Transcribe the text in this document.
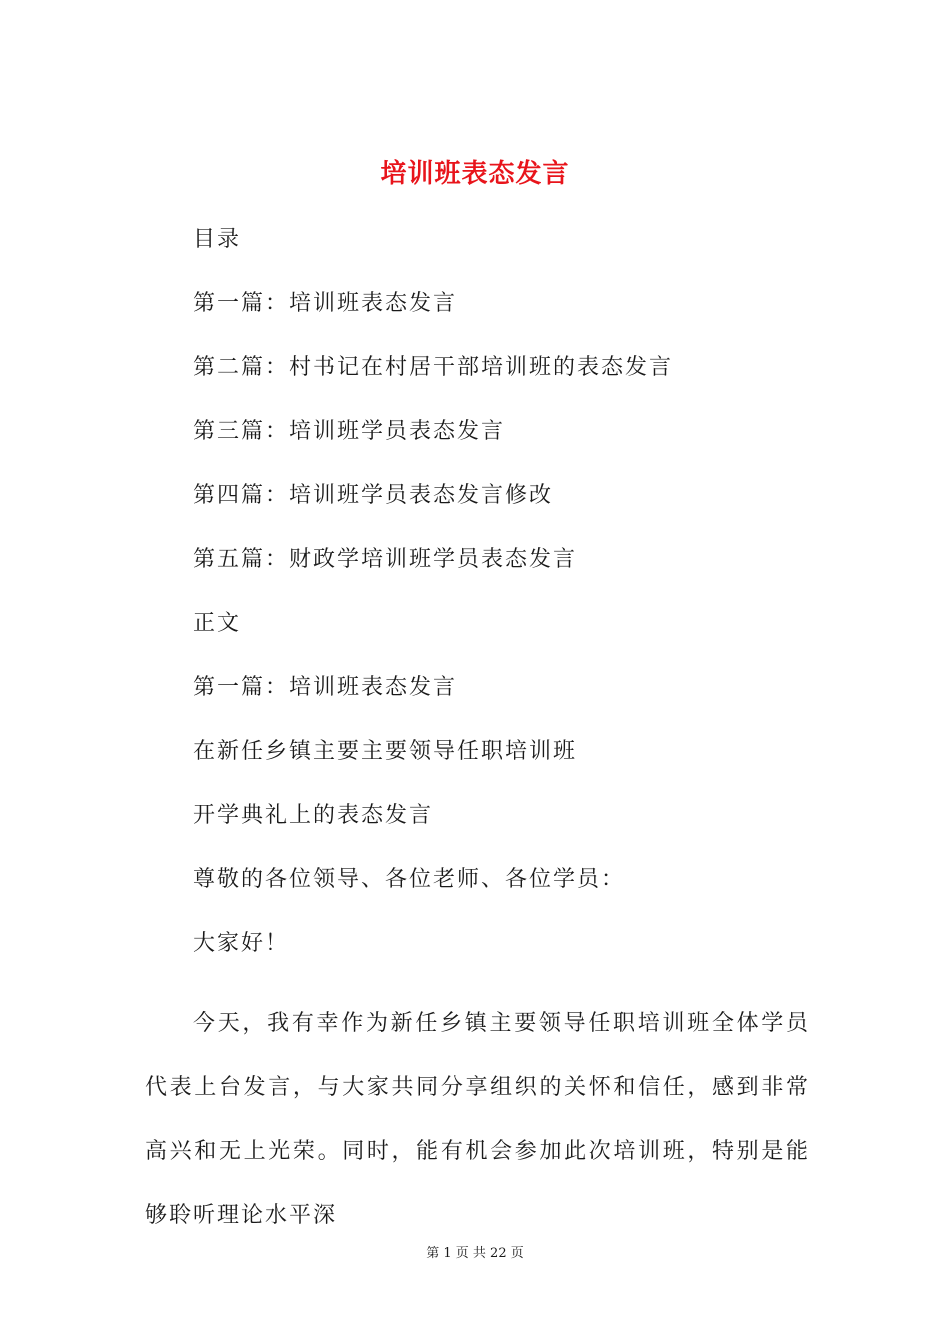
培训班表态发言
目录
第一篇：培训班表态发言
第二篇：村书记在村居干部培训班的表态发言
第三篇：培训班学员表态发言
第四篇：培训班学员表态发言修改
第五篇：财政学培训班学员表态发言
正文
第一篇：培训班表态发言
在新任乡镇主要主要领导任职培训班
开学典礼上的表态发言
尊敬的各位领导、各位老师、各位学员：
大家好！
今天，我有幸作为新任乡镇主要领导任职培训班全体学员代表上台发言，与大家共同分享组织的关怀和信任，感到非常高兴和无上光荣。同时，能有机会参加此次培训班，特别是能够聆听理论水平深
第 1 页 共 22 页
